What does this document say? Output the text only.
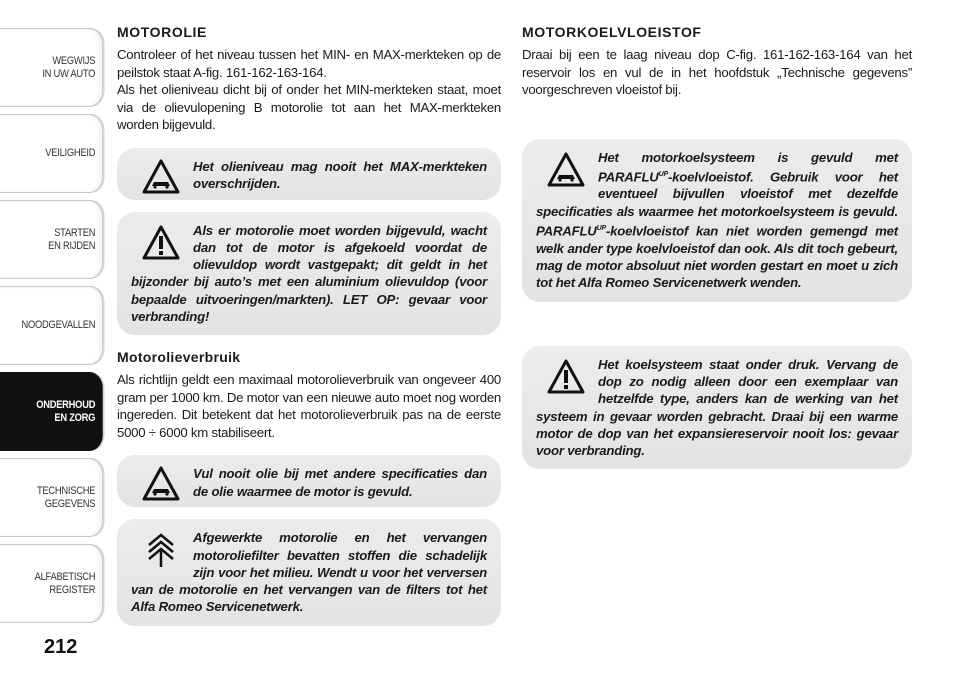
WEGWIJS
IN UW AUTO
VEILIGHEID
STARTEN
EN RIJDEN
NOODGEVALLEN
ONDERHOUD
EN ZORG
TECHNISCHE
GEGEVENS
ALFABETISCH
REGISTER
212
MOTOROLIE

Controleer of het niveau tussen het MIN- en MAX-merkteken op de peilstok staat A-fig. 161-162-163-164.
Als het olieniveau dicht bij of onder het MIN-merkteken staat, moet via de olievulopening B motorolie tot aan het MAX-merkteken worden bijgevuld.

Het olieniveau mag nooit het MAX-merkteken overschrijden.
Als er motorolie moet worden bijgevuld, wacht dan tot de motor is afgekoeld voordat de olievuldop wordt vastgepakt; dit geldt in het bijzonder bij auto’s met een aluminium olievuldop (voor bepaalde uitvoeringen/markten). LET OP: gevaar voor verbranding!
Motorolieverbruik

Als richtlijn geldt een maximaal motorolieverbruik van ongeveer 400 gram per 1000 km. De motor van een nieuwe auto moet nog worden ingereden. Dit betekent dat het motorolieverbruik pas na de eerste 5000 ÷ 6000 km stabiliseert.

Vul nooit olie bij met andere specificaties dan de olie waarmee de motor is gevuld.
Afgewerkte motorolie en het vervangen motoroliefilter bevatten stoffen die schadelijk zijn voor het milieu. Wendt u voor het verversen van de motorolie en het vervangen van de filters tot het Alfa Romeo Servicenetwerk.
MOTORKOELVLOEISTOF

Draai bij een te laag niveau dop C-fig. 161-162-163-164 van het reservoir los en vul de in het hoofdstuk „Technische gegevens” voorgeschreven vloeistof bij.

Het motorkoelsysteem is gevuld met $PARAFLU^{UP}$-koelvloeistof. Gebruik voor het eventueel bijvullen vloeistof met dezelfde specificaties als waarmee het motorkoelsysteem is gevuld. $PARAFLU^{UP}$-koelvloeistof kan niet worden gemengd met welk ander type koelvloeistof dan ook. Als dit toch gebeurt, mag de motor absoluut niet worden gestart en moet u zich tot het Alfa Romeo Servicenetwerk wenden.
Het koelsysteem staat onder druk. Vervang de dop zo nodig alleen door een exemplaar van hetzelfde type, anders kan de werking van het systeem in gevaar worden gebracht. Draai bij een warme motor de dop van het expansiereservoir nooit los: gevaar voor verbranding.
